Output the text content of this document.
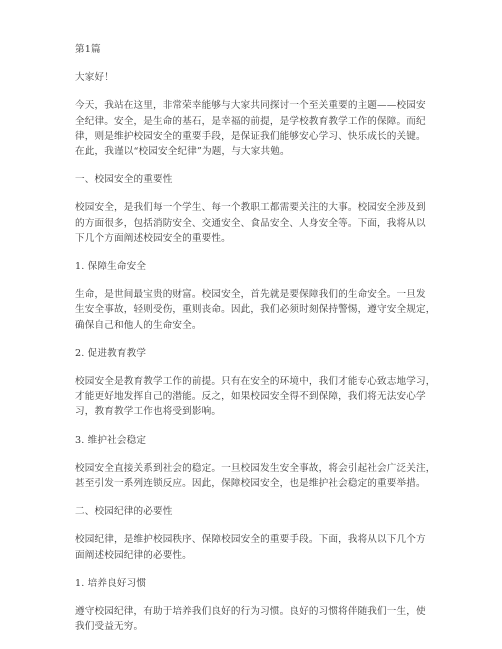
第1篇

大家好！

今天，我站在这里，非常荣幸能够与大家共同探讨一个至关重要的主题——校园安
全纪律。安全，是生命的基石，是幸福的前提，是学校教育教学工作的保障。而纪
律，则是维护校园安全的重要手段，是保证我们能够安心学习、快乐成长的关键。
在此，我谨以“校园安全纪律”为题，与大家共勉。

一、校园安全的重要性

校园安全，是我们每一个学生、每一个教职工都需要关注的大事。校园安全涉及到
的方面很多，包括消防安全、交通安全、食品安全、人身安全等。下面，我将从以
下几个方面阐述校园安全的重要性。

1. 保障生命安全

生命，是世间最宝贵的财富。校园安全，首先就是要保障我们的生命安全。一旦发
生安全事故，轻则受伤，重则丧命。因此，我们必须时刻保持警惕，遵守安全规定，
确保自己和他人的生命安全。

2. 促进教育教学

校园安全是教育教学工作的前提。只有在安全的环境中，我们才能专心致志地学习，
才能更好地发挥自己的潜能。反之，如果校园安全得不到保障，我们将无法安心学
习，教育教学工作也将受到影响。

3. 维护社会稳定

校园安全直接关系到社会的稳定。一旦校园发生安全事故，将会引起社会广泛关注，
甚至引发一系列连锁反应。因此，保障校园安全，也是维护社会稳定的重要举措。

二、校园纪律的必要性

校园纪律，是维护校园秩序、保障校园安全的重要手段。下面，我将从以下几个方
面阐述校园纪律的必要性。

1. 培养良好习惯

遵守校园纪律，有助于培养我们良好的行为习惯。良好的习惯将伴随我们一生，使
我们受益无穷。
